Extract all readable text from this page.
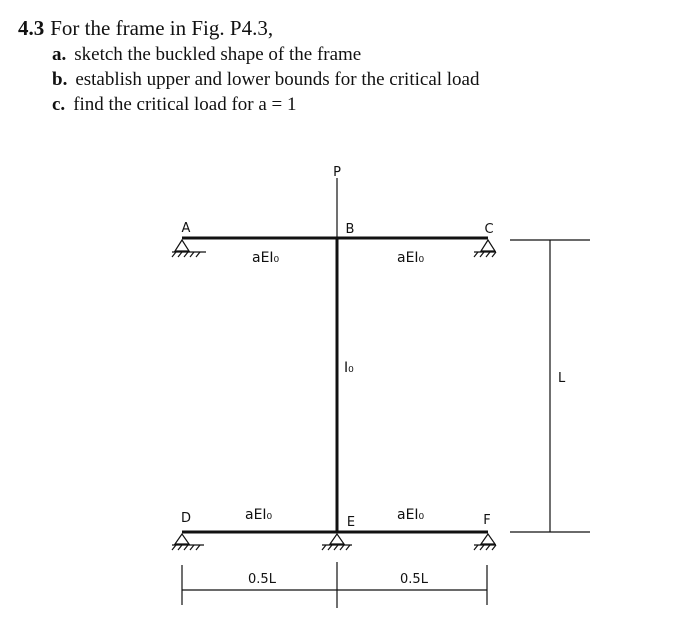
4.3 For the frame in Fig. P4.3,
a. sketch the buckled shape of the frame
b. establish upper and lower bounds for the critical load
c. find the critical load for a = 1
P
A	B	C
D	E	F
aEI₀	aEI₀
I₀
aEI₀	aEI₀
L
0.5L	0.5L
